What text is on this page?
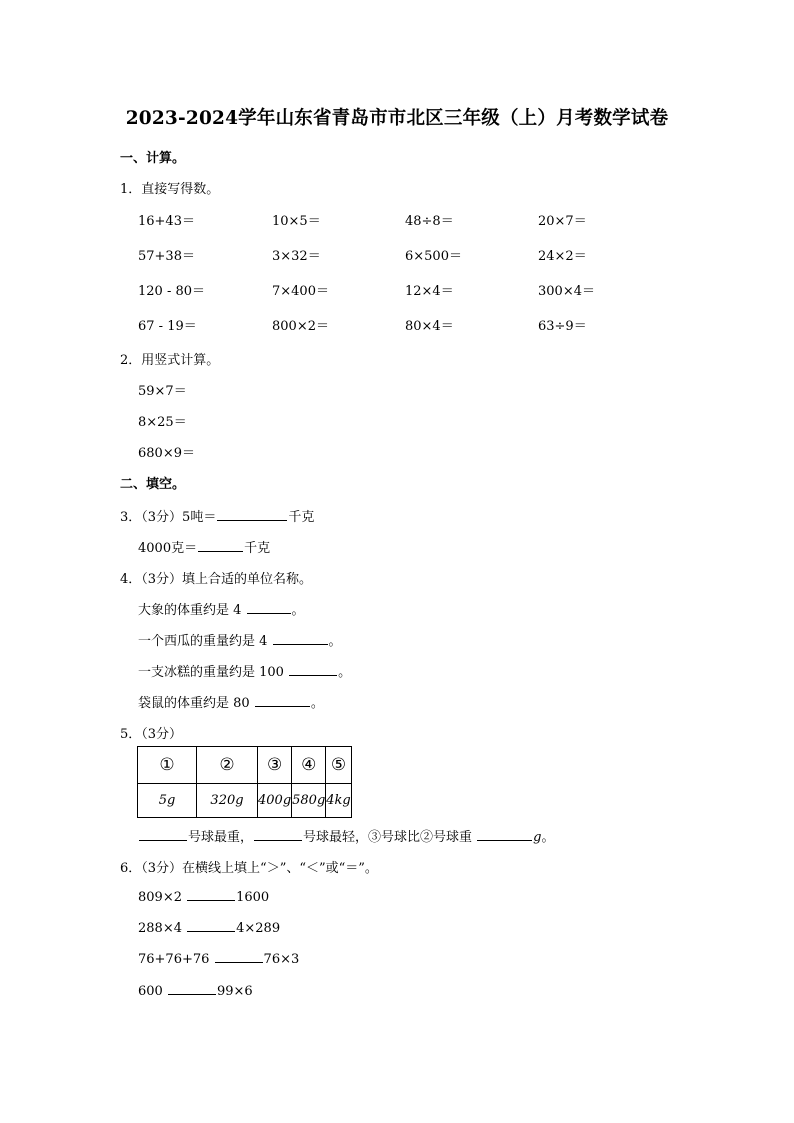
2023-2024学年山东省青岛市市北区三年级（上）月考数学试卷
一、计算。
1．直接写得数。
16+43＝	10×5＝	48÷8＝	20×7＝
57+38＝	3×32＝	6×500＝	24×2＝
120 - 80＝	7×400＝	12×4＝	300×4＝
67 - 19＝	800×2＝	80×4＝	63÷9＝
2．用竖式计算。
59×7＝
8×25＝
680×9＝
二、填空。
3．（3分）5吨＝	千克
4000克＝	千克
4．（3分）填上合适的单位名称。
大象的体重约是 4	。
一个西瓜的重量约是 4	。
一支冰糕的重量约是 100	。
袋鼠的体重约是 80	。
5．（3分）
①	②	③	④	⑤
5g	320g	400g	580g	4kg
号球最重，	号球最轻，③号球比②号球重	g。
6．（3分）在横线上填上“＞”、“＜”或“＝”。
809×2	1600
288×4	4×289
76+76+76	76×3
600	99×6
